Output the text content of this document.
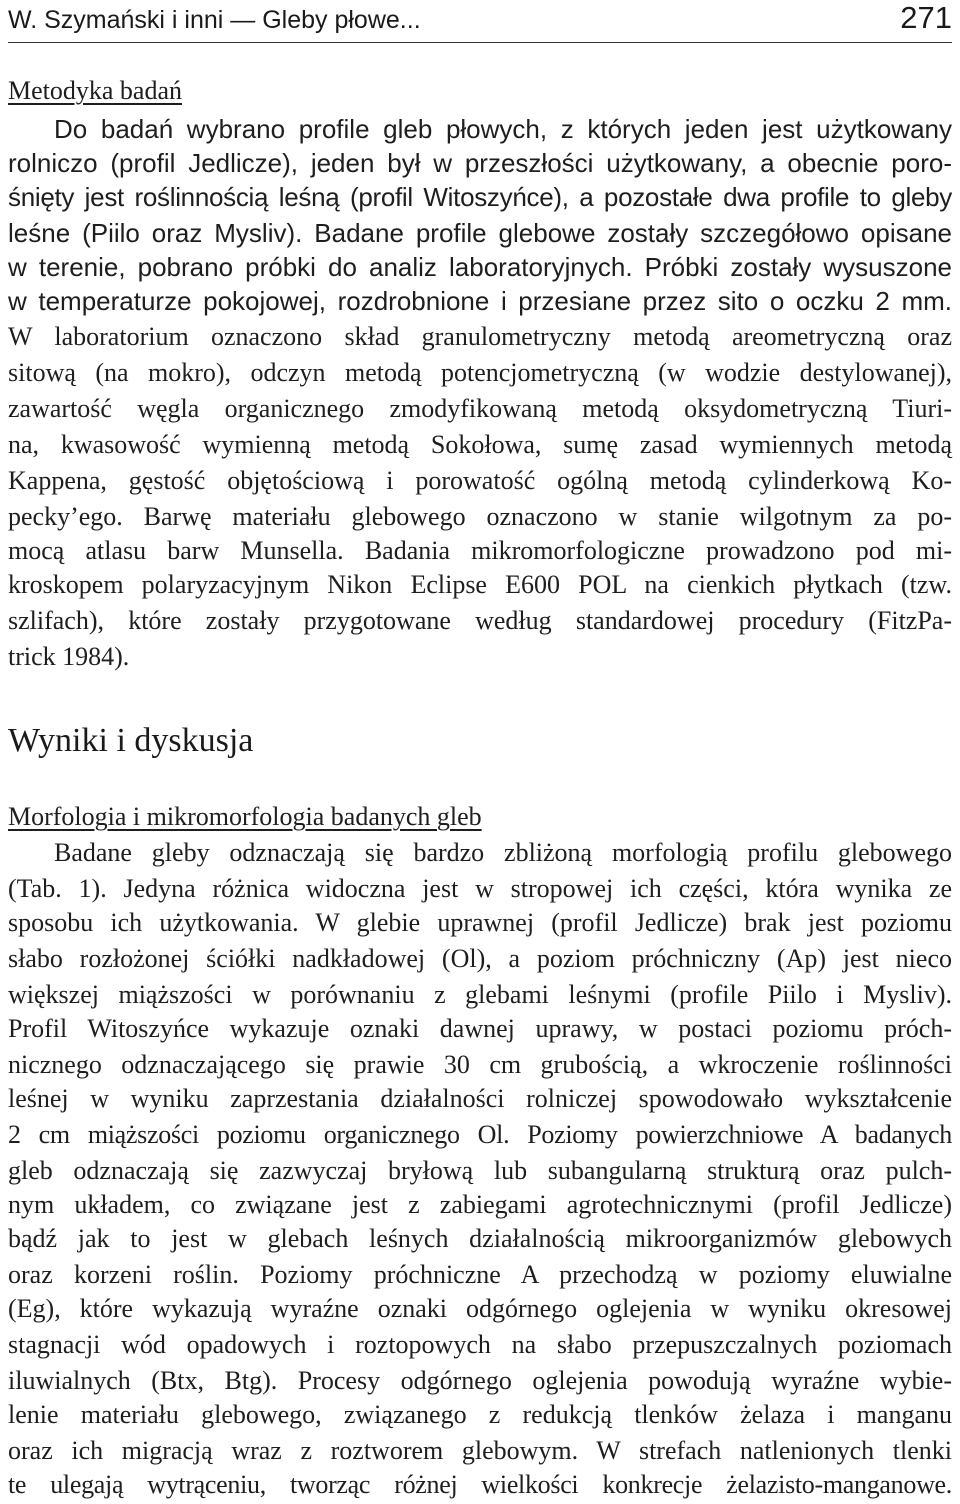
W. Szymański i inni — Gleby płowe...	271
Metodyka badań
Do badań wybrano profile gleb płowych, z których jeden jest użytkowany
rolniczo (profil Jedlicze), jeden był w przeszłości użytkowany, a obecnie poro-
śnięty jest roślinnością leśną (profil Witoszyńce), a pozostałe dwa profile to gleby
leśne (Piilo oraz Mysliv). Badane profile glebowe zostały szczegółowo opisane
w terenie, pobrano próbki do analiz laboratoryjnych. Próbki zostały wysuszone
w temperaturze pokojowej, rozdrobnione i przesiane przez sito o oczku 2 mm.
W laboratorium oznaczono skład granulometryczny metodą areometryczną oraz
sitową (na mokro), odczyn metodą potencjometryczną (w wodzie destylowanej),
zawartość węgla organicznego zmodyfikowaną metodą oksydometryczną Tiuri-
na, kwasowość wymienną metodą Sokołowa, sumę zasad wymiennych metodą
Kappena, gęstość objętościową i porowatość ogólną metodą cylinderkową Ko-
pecky’ego. Barwę materiału glebowego oznaczono w stanie wilgotnym za po-
mocą atlasu barw Munsella. Badania mikromorfologiczne prowadzono pod mi-
kroskopem polaryzacyjnym Nikon Eclipse E600 POL na cienkich płytkach (tzw.
szlifach), które zostały przygotowane według standardowej procedury (FitzPa-
trick 1984).
Wyniki i dyskusja
Morfologia i mikromorfologia badanych gleb
Badane gleby odznaczają się bardzo zbliżoną morfologią profilu glebowego
(Tab. 1). Jedyna różnica widoczna jest w stropowej ich części, która wynika ze
sposobu ich użytkowania. W glebie uprawnej (profil Jedlicze) brak jest poziomu
słabo rozłożonej ściółki nadkładowej (Ol), a poziom próchniczny (Ap) jest nieco
większej miąższości w porównaniu z glebami leśnymi (profile Piilo i Mysliv).
Profil Witoszyńce wykazuje oznaki dawnej uprawy, w postaci poziomu próch-
nicznego odznaczającego się prawie 30 cm grubością, a wkroczenie roślinności
leśnej w wyniku zaprzestania działalności rolniczej spowodowało wykształcenie
2 cm miąższości poziomu organicznego Ol. Poziomy powierzchniowe A badanych
gleb odznaczają się zazwyczaj bryłową lub subangularną strukturą oraz pulch-
nym układem, co związane jest z zabiegami agrotechnicznymi (profil Jedlicze)
bądź jak to jest w glebach leśnych działalnością mikroorganizmów glebowych
oraz korzeni roślin. Poziomy próchniczne A przechodzą w poziomy eluwialne
(Eg), które wykazują wyraźne oznaki odgórnego oglejenia w wyniku okresowej
stagnacji wód opadowych i roztopowych na słabo przepuszczalnych poziomach
iluwialnych (Btx, Btg). Procesy odgórnego oglejenia powodują wyraźne wybie-
lenie materiału glebowego, związanego z redukcją tlenków żelaza i manganu
oraz ich migracją wraz z roztworem glebowym. W strefach natlenionych tlenki
te ulegają wytrąceniu, tworząc różnej wielkości konkrecje żelazisto-manganowe.
